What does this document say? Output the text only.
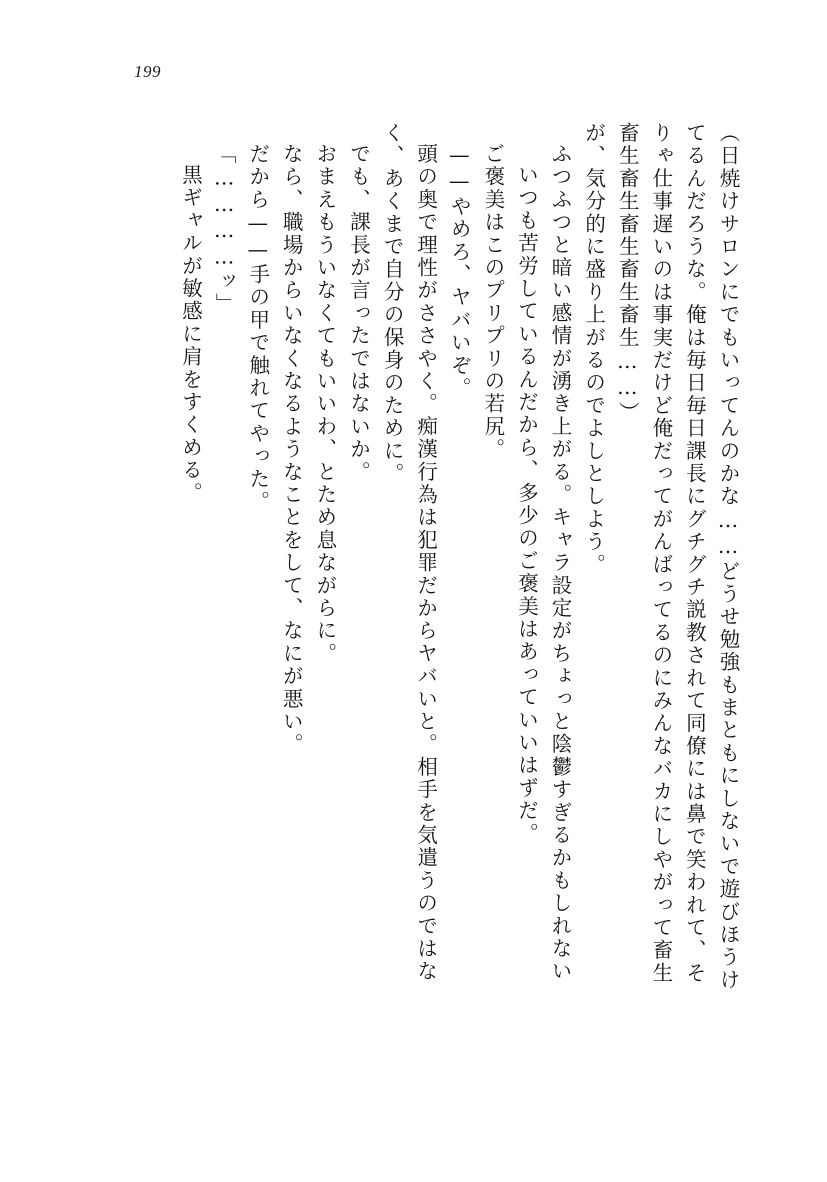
199
（日焼けサロンにでもいってんのかな……どうせ勉強もまともにしないで遊びほうけ
てるんだろうな。俺は毎日毎日課長にグチグチ説教されて同僚には鼻で笑われて、そ
りゃ仕事遅いのは事実だけど俺だってがんばってるのにみんなバカにしやがって畜生
畜生畜生畜生畜生畜生……）
が、気分的に盛り上がるのでよしとしよう。
ふつふつと暗い感情が湧き上がる。キャラ設定がちょっと陰鬱すぎるかもしれない
いつも苦労しているんだから、多少のご褒美はあっていいはずだ。
ご褒美はこのプリプリの若尻。
——やめろ、ヤバいぞ。
頭の奥で理性がささやく。痴漢行為は犯罪だからヤバいと。相手を気遣うのではな
く、あくまで自分の保身のために。
でも、課長が言ったではないか。
おまえもういなくてもいいわ、とため息ながらに。
なら、職場からいなくなるようなことをして、なにが悪い。
だから——手の甲で触れてやった。
「…………ッ」
黒ギャルが敏感に肩をすくめる。
